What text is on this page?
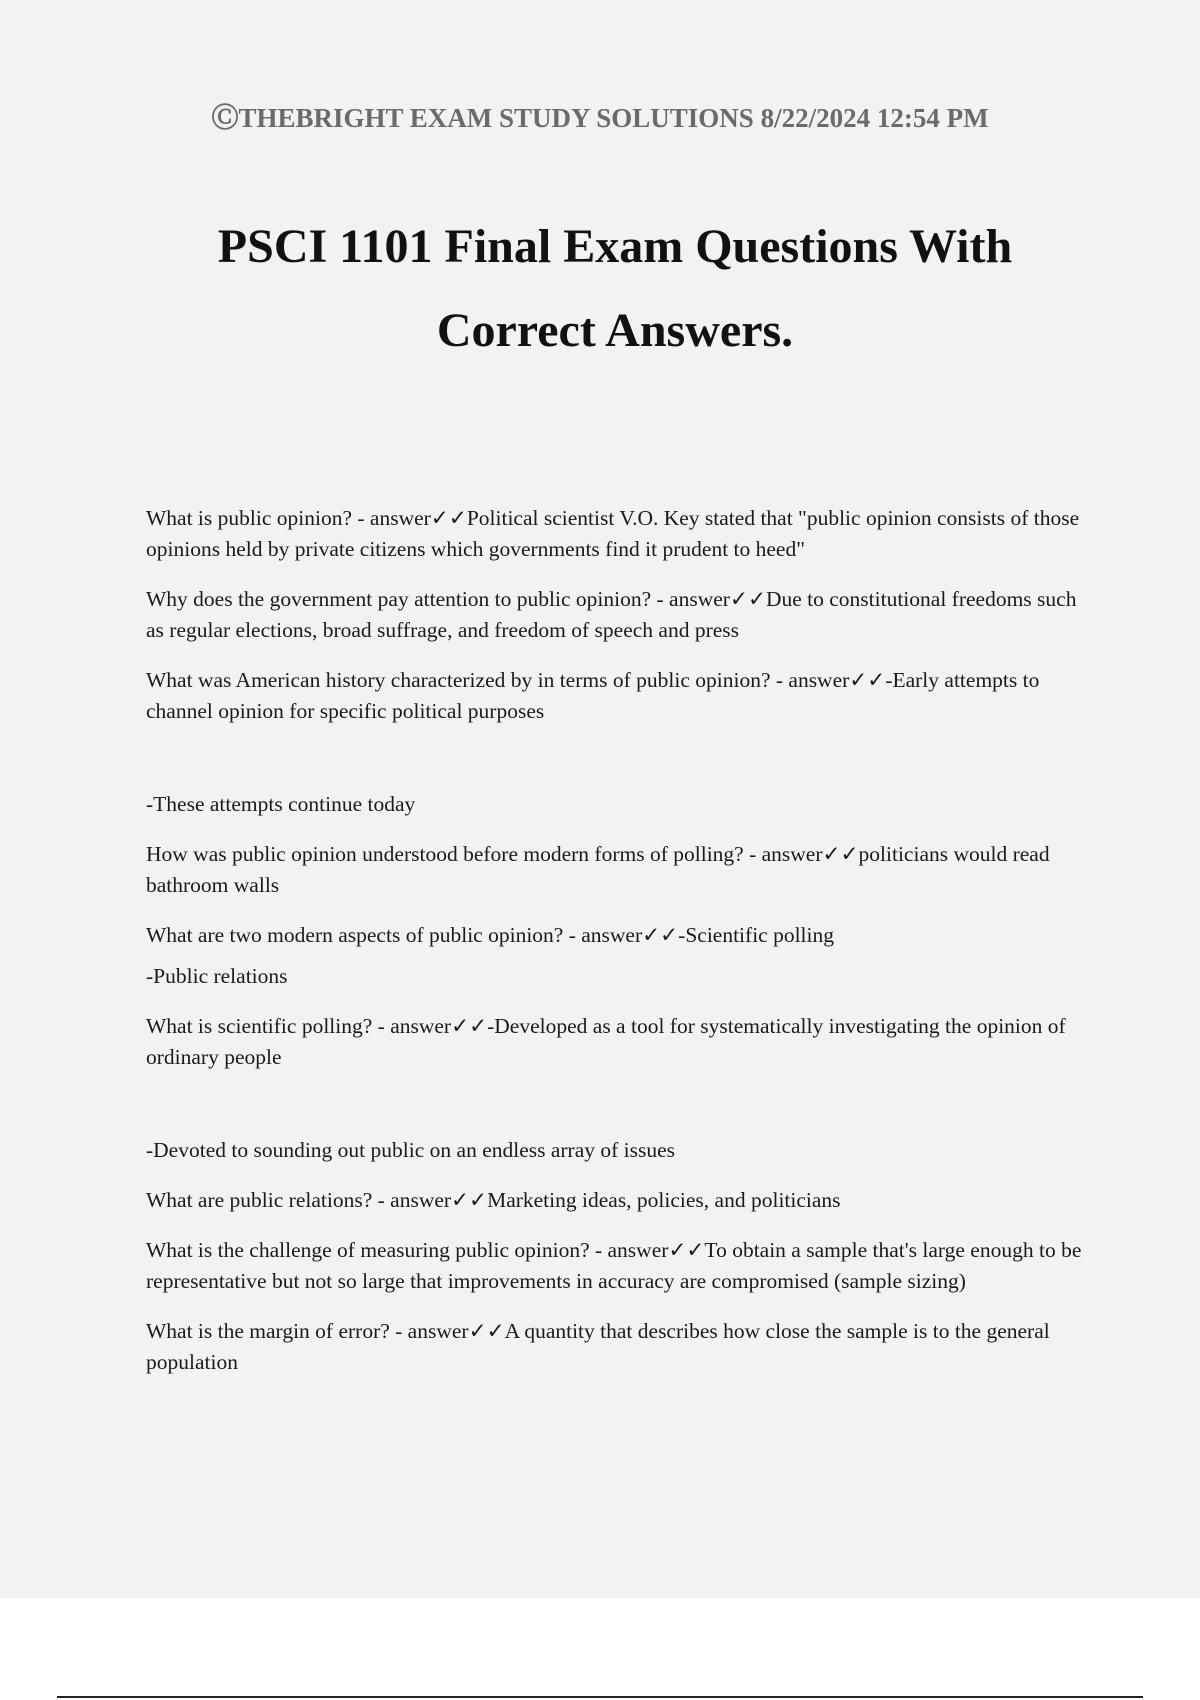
ⒸTHEBRIGHT EXAM STUDY SOLUTIONS 8/22/2024 12:54 PM
PSCI 1101 Final Exam Questions With Correct Answers.

What is public opinion? - answer✓✓Political scientist V.O. Key stated that "public opinion consists of those opinions held by private citizens which governments find it prudent to heed"

Why does the government pay attention to public opinion? - answer✓✓Due to constitutional freedoms such as regular elections, broad suffrage, and freedom of speech and press

What was American history characterized by in terms of public opinion? - answer✓✓-Early attempts to channel opinion for specific political purposes

-These attempts continue today

How was public opinion understood before modern forms of polling? - answer✓✓politicians would read bathroom walls

What are two modern aspects of public opinion? - answer✓✓-Scientific polling

-Public relations

What is scientific polling? - answer✓✓-Developed as a tool for systematically investigating the opinion of ordinary people

-Devoted to sounding out public on an endless array of issues

What are public relations? - answer✓✓Marketing ideas, policies, and politicians

What is the challenge of measuring public opinion? - answer✓✓To obtain a sample that's large enough to be representative but not so large that improvements in accuracy are compromised (sample sizing)

What is the margin of error? - answer✓✓A quantity that describes how close the sample is to the general population
